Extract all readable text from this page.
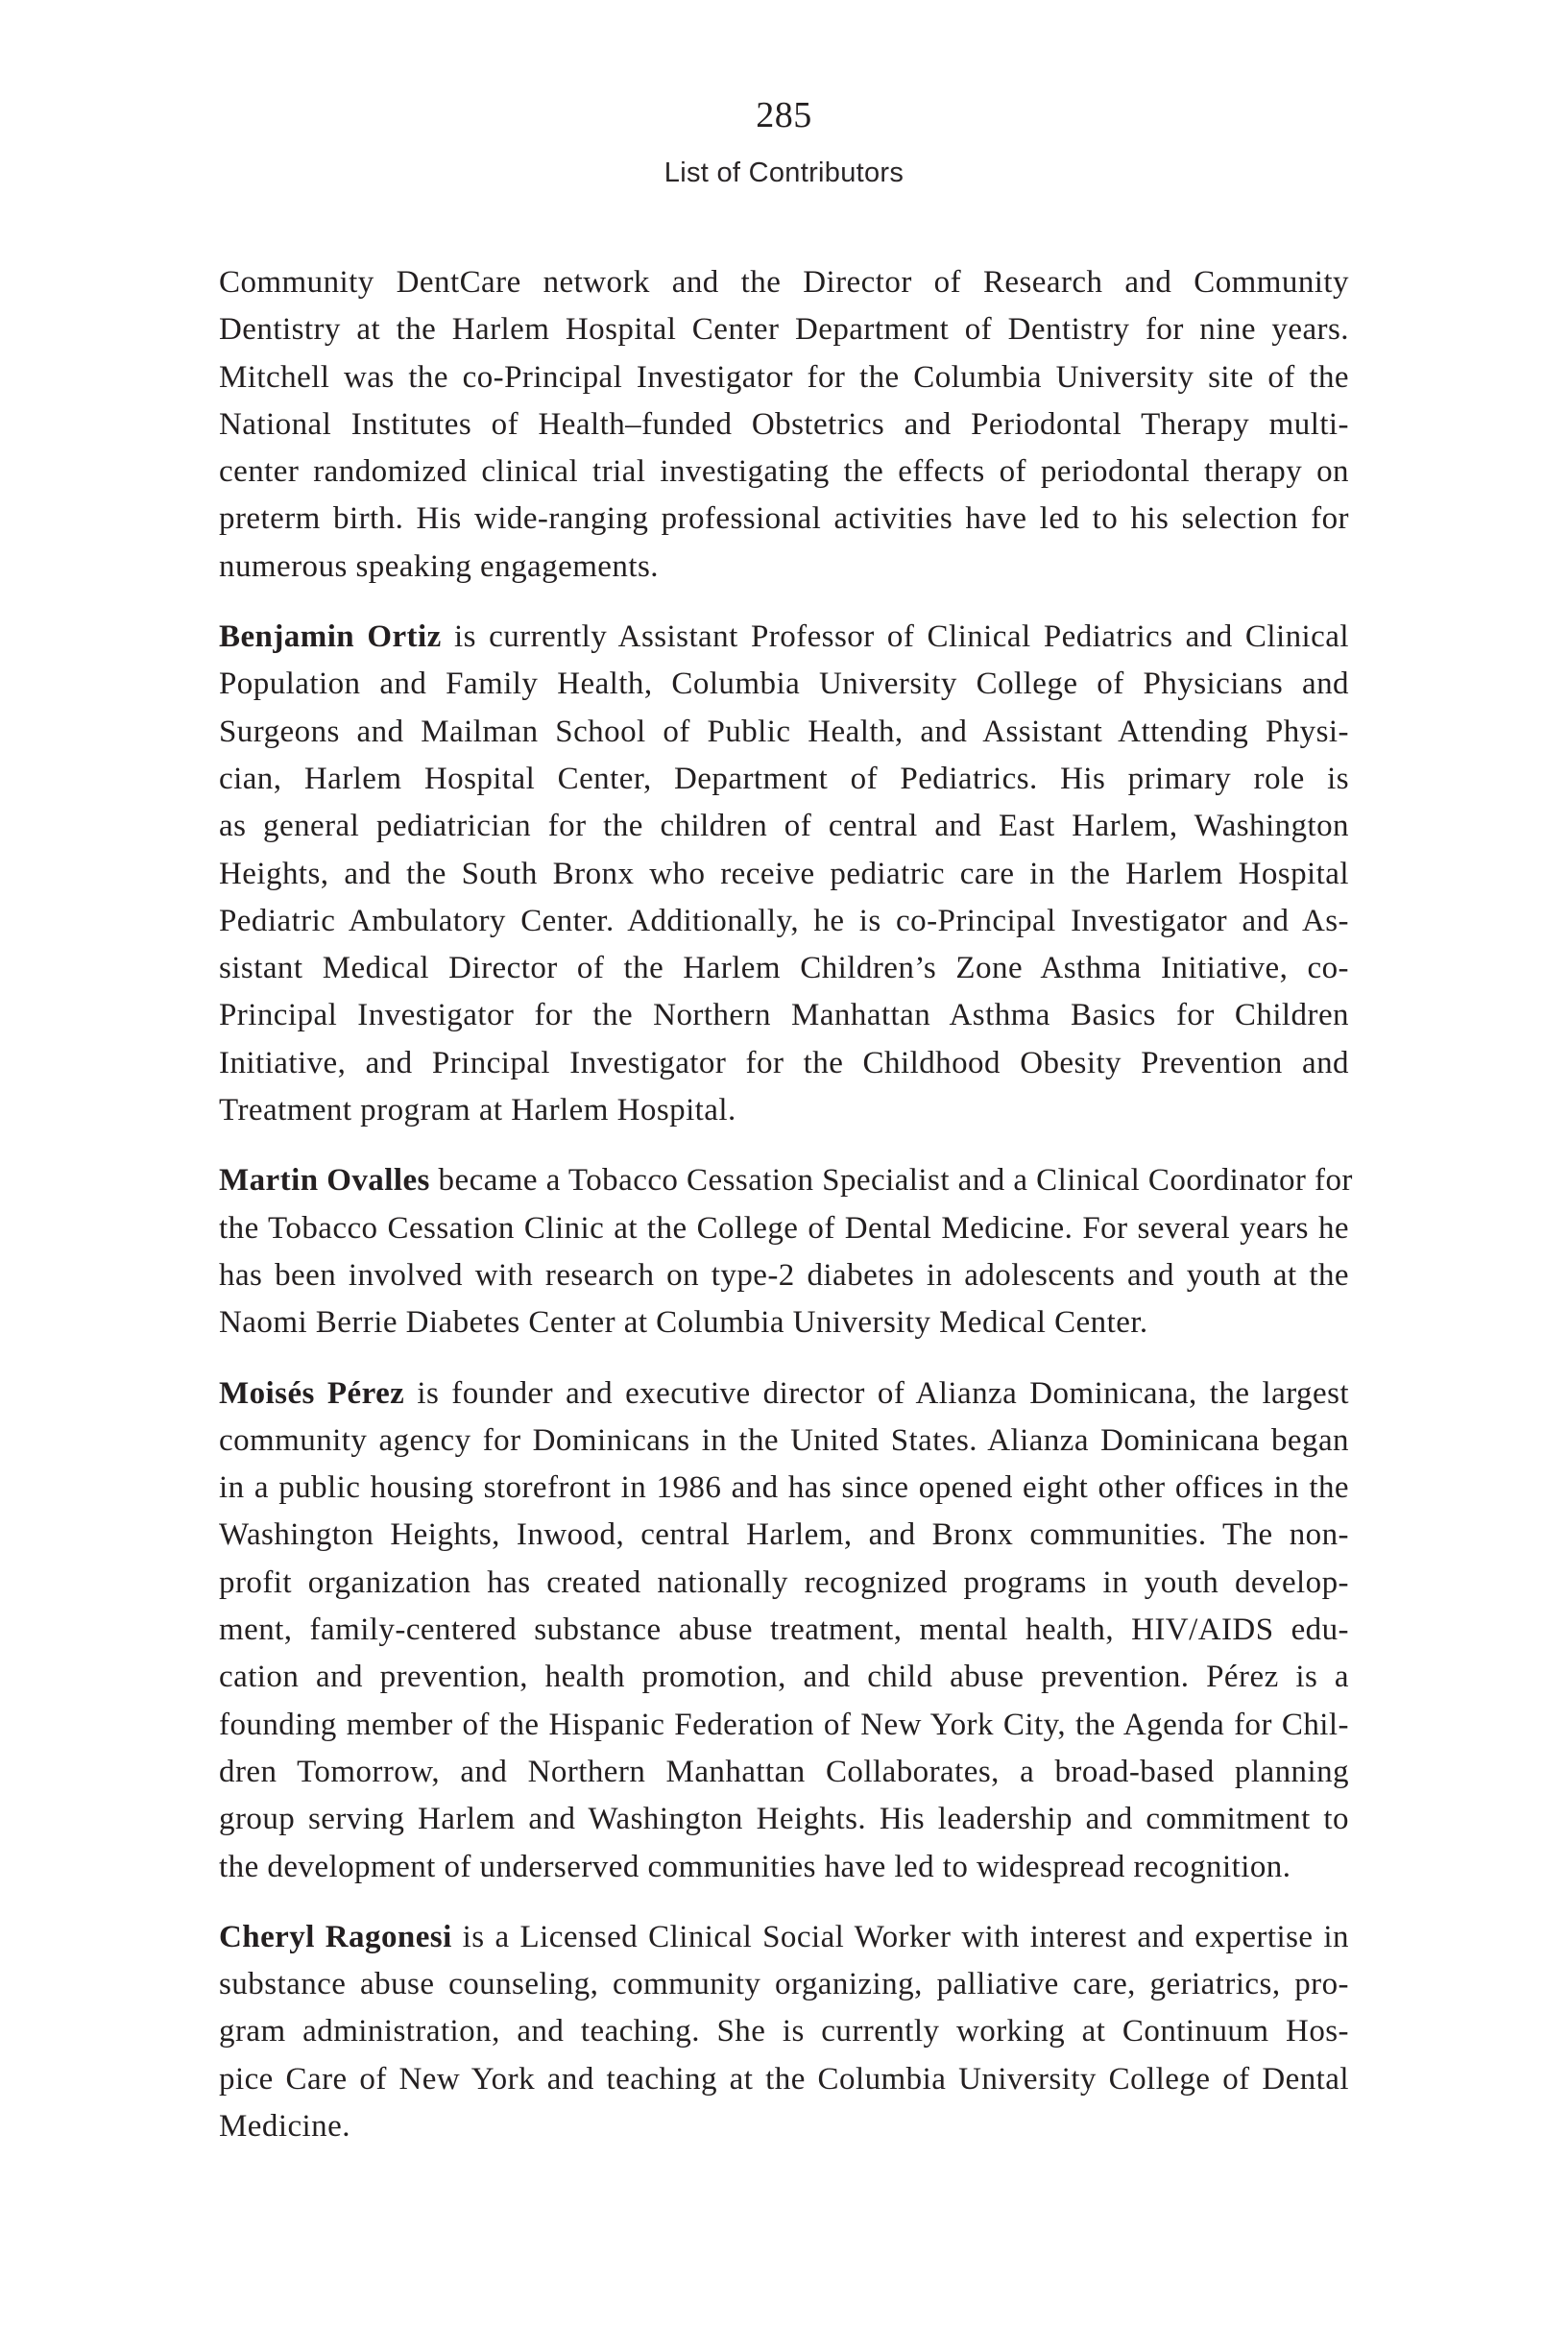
285
List of Contributors
Community DentCare network and the Director of Research and Community
Dentistry at the Harlem Hospital Center Department of Dentistry for nine years.
Mitchell was the co-Principal Investigator for the Columbia University site of the
National Institutes of Health–funded Obstetrics and Periodontal Therapy multi-
center randomized clinical trial investigating the effects of periodontal therapy on
preterm birth. His wide-ranging professional activities have led to his selection for
numerous speaking engagements.
Benjamin Ortiz is currently Assistant Professor of Clinical Pediatrics and Clinical
Population and Family Health, Columbia University College of Physicians and
Surgeons and Mailman School of Public Health, and Assistant Attending Physi-
cian, Harlem Hospital Center, Department of Pediatrics. His primary role is
as general pediatrician for the children of central and East Harlem, Washington
Heights, and the South Bronx who receive pediatric care in the Harlem Hospital
Pediatric Ambulatory Center. Additionally, he is co-Principal Investigator and As-
sistant Medical Director of the Harlem Children’s Zone Asthma Initiative, co-
Principal Investigator for the Northern Manhattan Asthma Basics for Children
Initiative, and Principal Investigator for the Childhood Obesity Prevention and
Treatment program at Harlem Hospital.
Martin Ovalles became a Tobacco Cessation Specialist and a Clinical Coordinator for
the Tobacco Cessation Clinic at the College of Dental Medicine. For several years he
has been involved with research on type-2 diabetes in adolescents and youth at the
Naomi Berrie Diabetes Center at Columbia University Medical Center.
Moisés Pérez is founder and executive director of Alianza Dominicana, the largest
community agency for Dominicans in the United States. Alianza Dominicana began
in a public housing storefront in 1986 and has since opened eight other offices in the
Washington Heights, Inwood, central Harlem, and Bronx communities. The non-
profit organization has created nationally recognized programs in youth develop-
ment, family-centered substance abuse treatment, mental health, HIV/AIDS edu-
cation and prevention, health promotion, and child abuse prevention. Pérez is a
founding member of the Hispanic Federation of New York City, the Agenda for Chil-
dren Tomorrow, and Northern Manhattan Collaborates, a broad-based planning
group serving Harlem and Washington Heights. His leadership and commitment to
the development of underserved communities have led to widespread recognition.
Cheryl Ragonesi is a Licensed Clinical Social Worker with interest and expertise in
substance abuse counseling, community organizing, palliative care, geriatrics, pro-
gram administration, and teaching. She is currently working at Continuum Hos-
pice Care of New York and teaching at the Columbia University College of Dental
Medicine.
